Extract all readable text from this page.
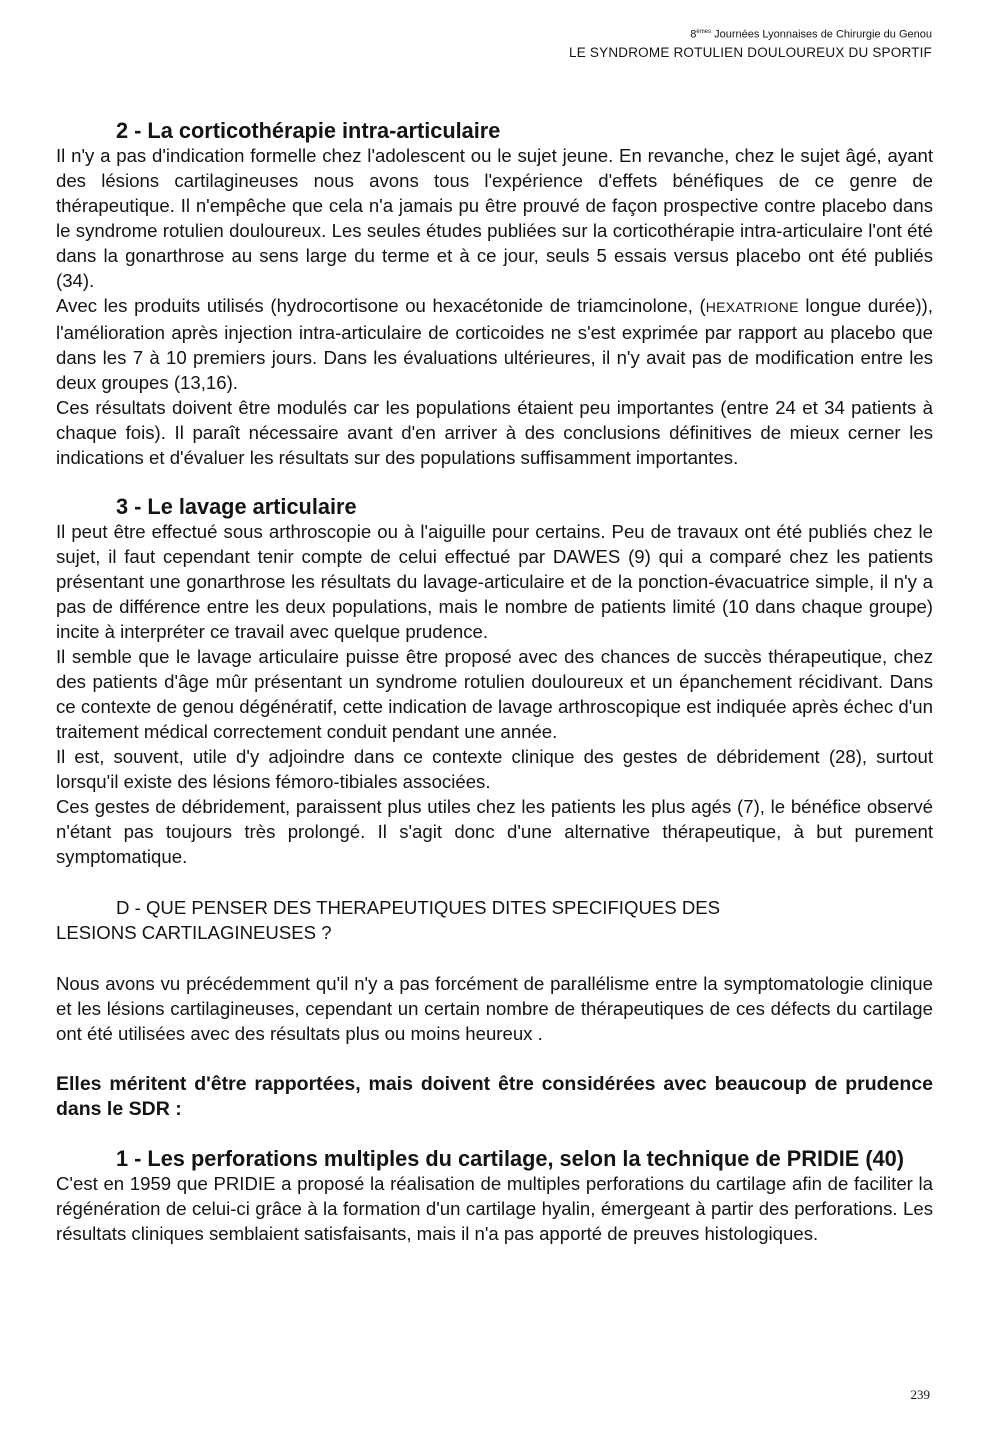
8èmes Journées Lyonnaises de Chirurgie du Genou
LE SYNDROME ROTULIEN DOULOUREUX DU SPORTIF
2 - La corticothérapie intra-articulaire

Il n'y a pas d'indication formelle chez l'adolescent ou le sujet jeune. En revanche, chez le sujet âgé, ayant des lésions cartilagineuses nous avons tous l'expérience d'effets bénéfiques de ce genre de thérapeutique. Il n'empêche que cela n'a jamais pu être prouvé de façon prospective contre placebo dans le syndrome rotulien douloureux. Les seules études publiées sur la corticothérapie intra-articulaire l'ont été dans la gonarthrose au sens large du terme et à ce jour, seuls 5 essais versus placebo ont été publiés (34).

Avec les produits utilisés (hydrocortisone ou hexacétonide de triamcinolone, (HEXATRIONE longue durée)), l'amélioration après injection intra-articulaire de corticoides ne s'est exprimée par rapport au placebo que dans les 7 à 10 premiers jours. Dans les évaluations ultérieures, il n'y avait pas de modification entre les deux groupes (13,16).

Ces résultats doivent être modulés car les populations étaient peu importantes (entre 24 et 34 patients à chaque fois). Il paraît nécessaire avant d'en arriver à des conclusions définitives de mieux cerner les indications et d'évaluer les résultats sur des populations suffisamment importantes.

3 - Le lavage articulaire

Il peut être effectué sous arthroscopie ou à l'aiguille pour certains. Peu de travaux ont été publiés chez le sujet, il faut cependant tenir compte de celui effectué par DAWES (9) qui a comparé chez les patients présentant une gonarthrose les résultats du lavage-articulaire et de la ponction-évacuatrice simple, il n'y a pas de différence entre les deux populations, mais le nombre de patients limité (10 dans chaque groupe) incite à interpréter ce travail avec quelque prudence.

Il semble que le lavage articulaire puisse être proposé avec des chances de succès thérapeutique, chez des patients d'âge mûr présentant un syndrome rotulien douloureux et un épanchement récidivant. Dans ce contexte de genou dégénératif, cette indication de lavage arthroscopique est indiquée après échec d'un traitement médical correctement conduit pendant une année.

Il est, souvent, utile d'y adjoindre dans ce contexte clinique des gestes de débridement (28), surtout lorsqu'il existe des lésions fémoro-tibiales associées.

Ces gestes de débridement, paraissent plus utiles chez les patients les plus agés (7), le bénéfice observé n'étant pas toujours très prolongé. Il s'agit donc d'une alternative thérapeutique, à but purement symptomatique.

D - QUE PENSER DES THERAPEUTIQUES DITES SPECIFIQUES DES

LESIONS CARTILAGINEUSES ?

Nous avons vu précédemment qu'il n'y a pas forcément de parallélisme entre la symptomatologie clinique et les lésions cartilagineuses, cependant un certain nombre de thérapeutiques de ces défects du cartilage ont été utilisées avec des résultats plus ou moins heureux .

Elles méritent d'être rapportées, mais doivent être considérées avec beaucoup de prudence dans le SDR :

1 - Les perforations multiples du cartilage, selon la technique de PRIDIE (40)

C'est en 1959 que PRIDIE a proposé la réalisation de multiples perforations du cartilage afin de faciliter la régénération de celui-ci grâce à la formation d'un cartilage hyalin, émergeant à partir des perforations. Les résultats cliniques semblaient satisfaisants, mais il n'a pas apporté de preuves histologiques.

239
